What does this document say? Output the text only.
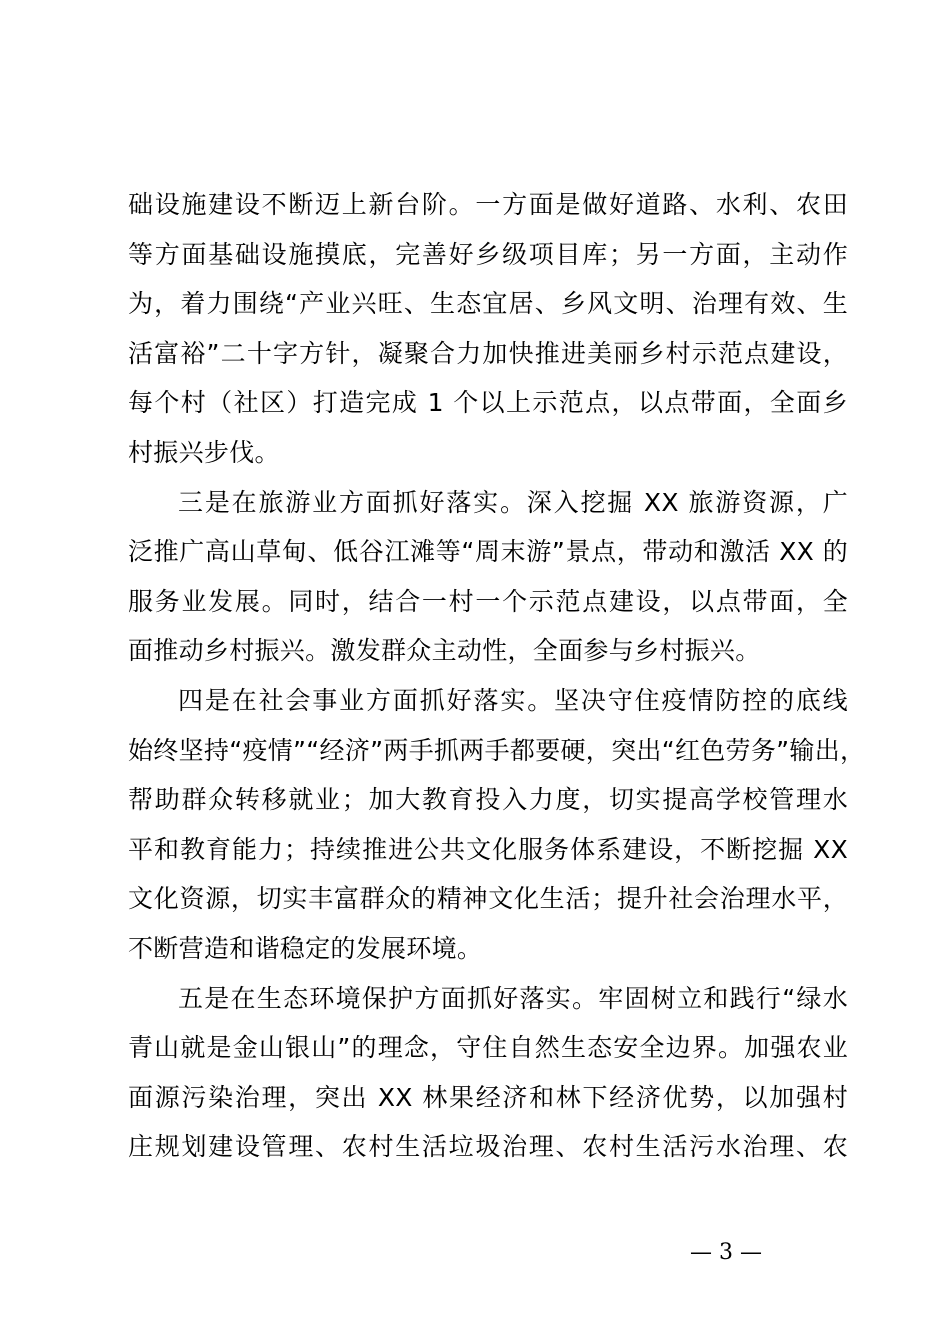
础设施建设不断迈上新台阶。一方面是做好道路、水利、农田
等方面基础设施摸底，完善好乡级项目库；另一方面，主动作
为，着力围绕“产业兴旺、生态宜居、乡风文明、治理有效、生
活富裕”二十字方针，凝聚合力加快推进美丽乡村示范点建设，
每个村（社区）打造完成 1 个以上示范点，以点带面，全面乡
村振兴步伐。
三是在旅游业方面抓好落实。深入挖掘 XX 旅游资源，广
泛推广高山草甸、低谷江滩等“周末游”景点，带动和激活 XX 的
服务业发展。同时，结合一村一个示范点建设，以点带面，全
面推动乡村振兴。激发群众主动性，全面参与乡村振兴。
四是在社会事业方面抓好落实。坚决守住疫情防控的底线
始终坚持“疫情”“经济”两手抓两手都要硬，突出“红色劳务”输出，
帮助群众转移就业；加大教育投入力度，切实提高学校管理水
平和教育能力；持续推进公共文化服务体系建设，不断挖掘 XX
文化资源，切实丰富群众的精神文化生活；提升社会治理水平，
不断营造和谐稳定的发展环境。
五是在生态环境保护方面抓好落实。牢固树立和践行“绿水
青山就是金山银山”的理念，守住自然生态安全边界。加强农业
面源污染治理，突出 XX 林果经济和林下经济优势，以加强村
庄规划建设管理、农村生活垃圾治理、农村生活污水治理、农
— 3 —
